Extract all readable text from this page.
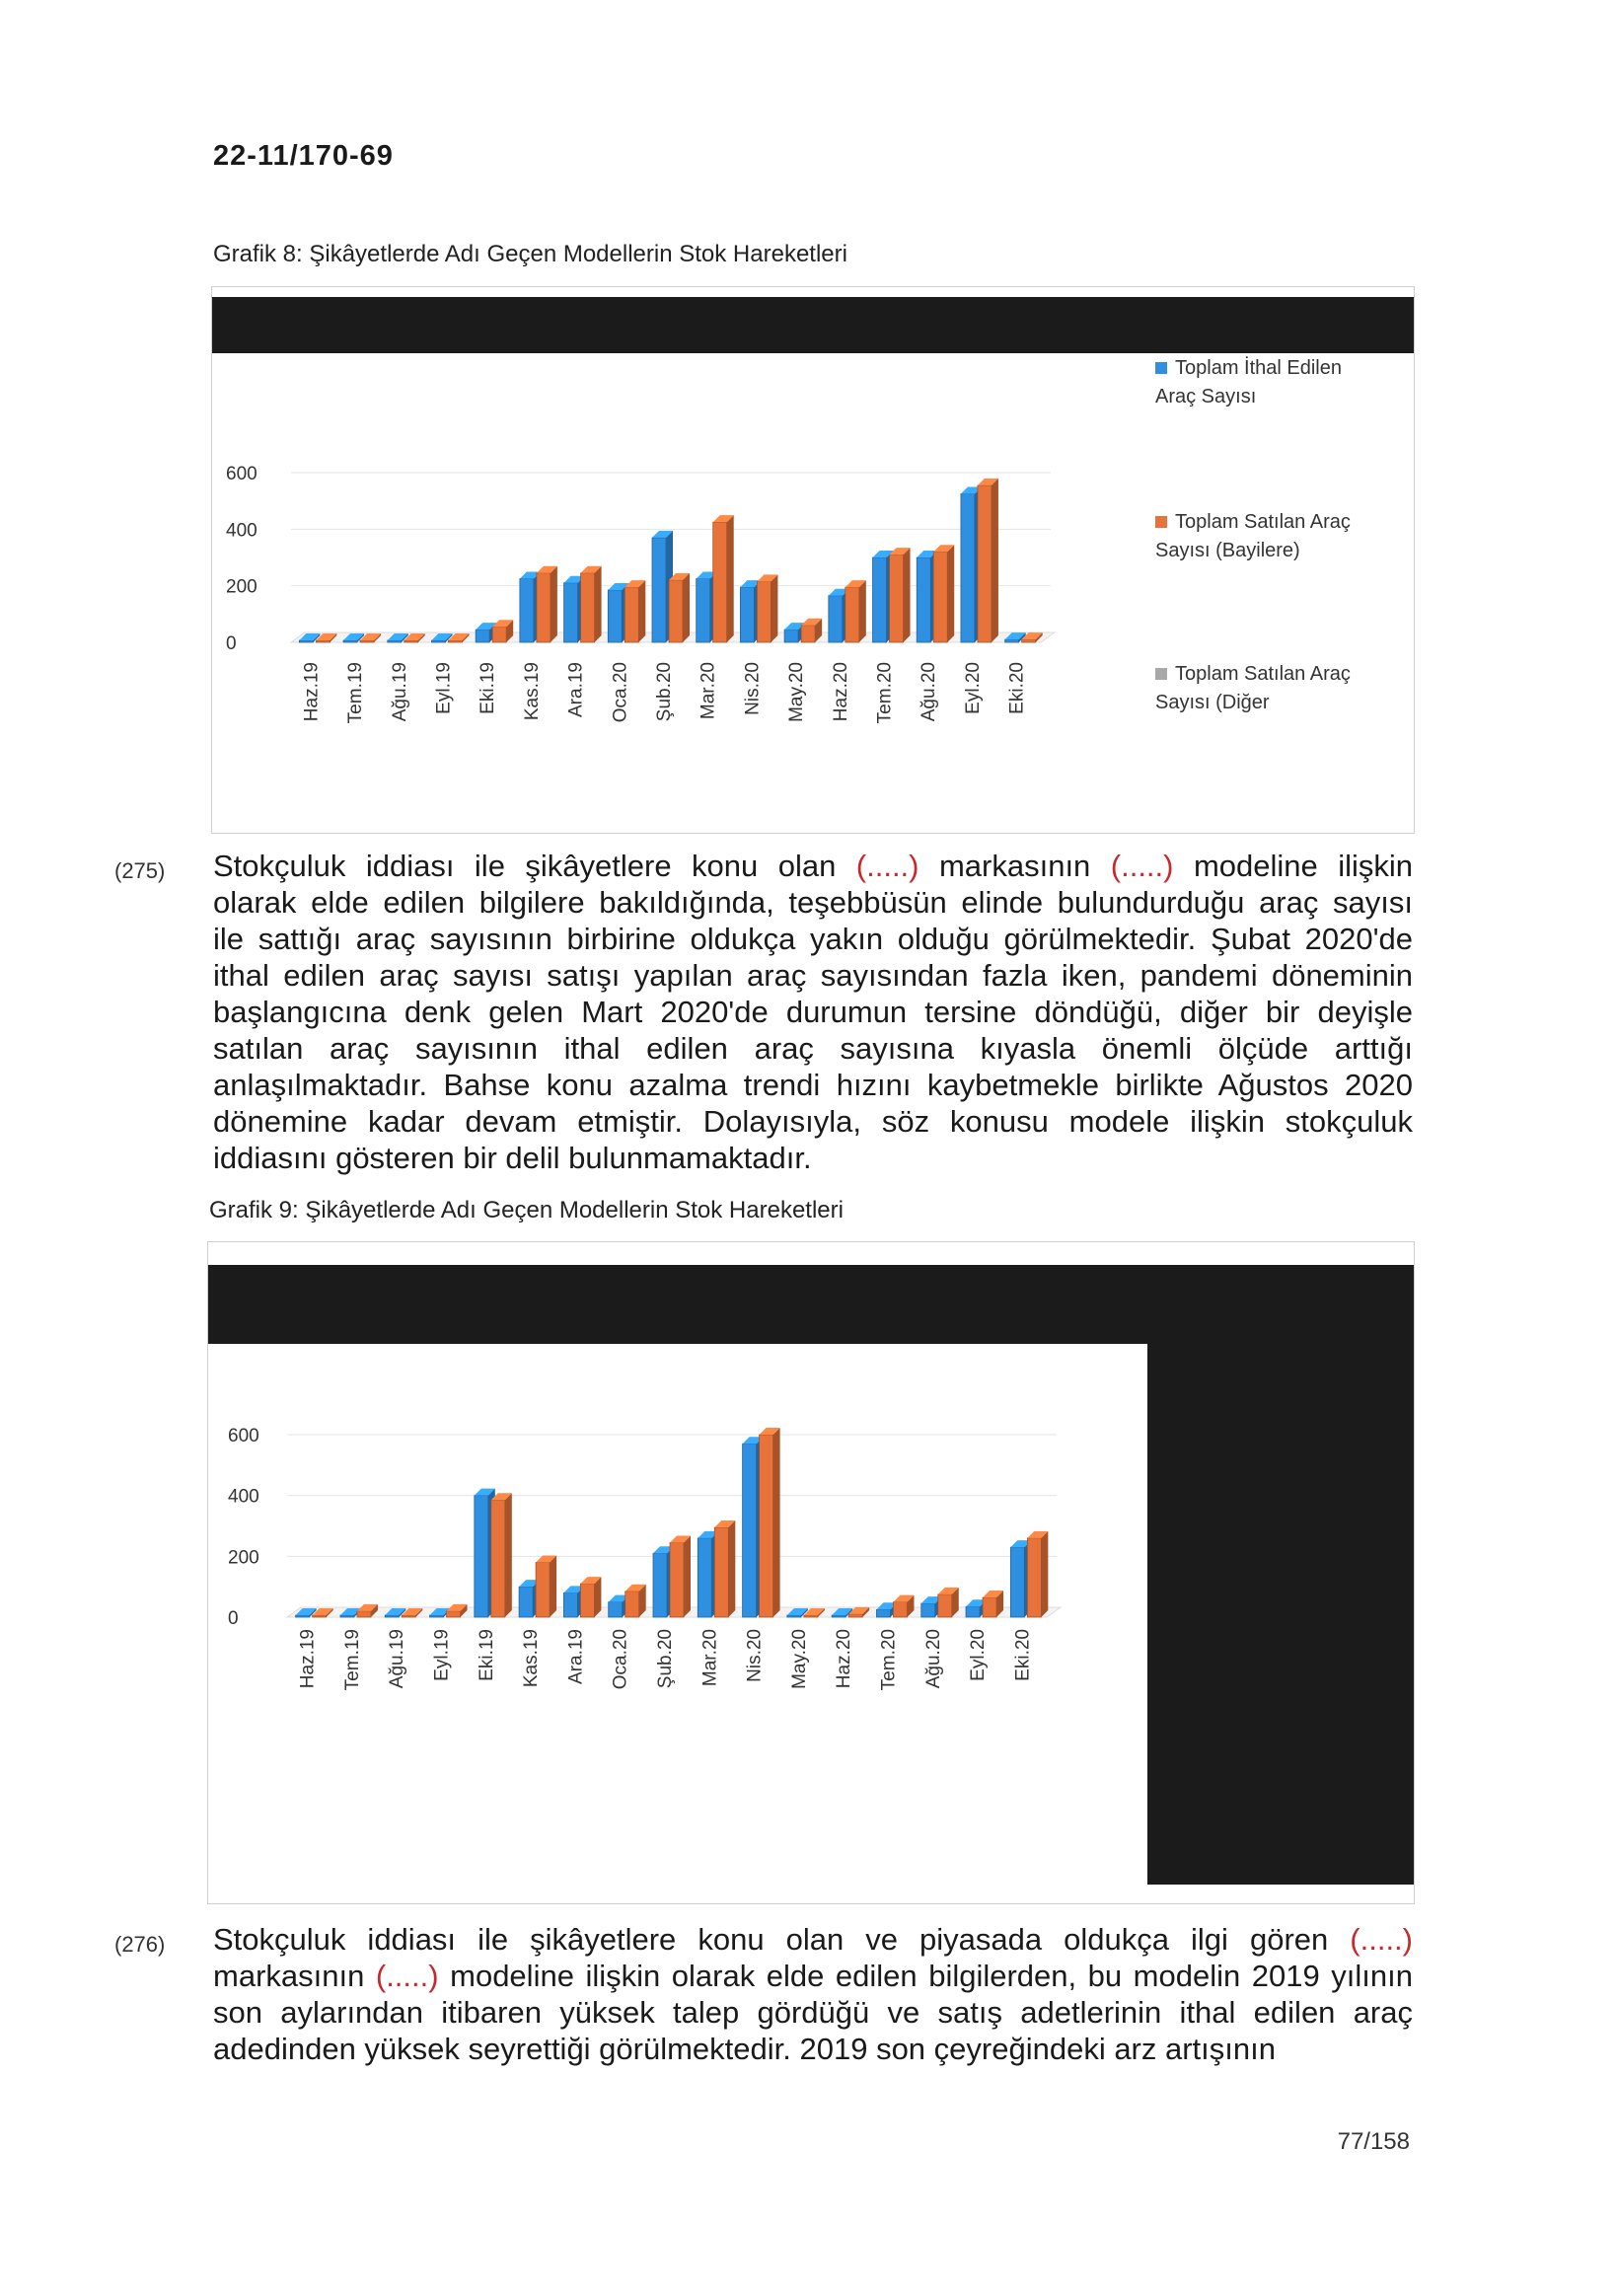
22-11/170-69
Grafik 8: Şikâyetlerde Adı Geçen Modellerin Stok Hareketleri
0
200
400
600
Haz.19 Tem.19 Ağu.19 Eyl.19 Eki.19 Kas.19 Ara.19 Oca.20 Şub.20 Mar.20 Nis.20 May.20 Haz.20 Tem.20 Ağu.20 Eyl.20 Eki.20
Toplam İthal Edilen
Araç Sayısı
Toplam Satılan Araç
Sayısı (Bayilere)
Toplam Satılan Araç
Sayısı (Diğer
(275) Stokçuluk iddiası ile şikâyetlere konu olan (.....) markasının (.....) modeline ilişkin
olarak elde edilen bilgilere bakıldığında, teşebbüsün elinde bulundurduğu araç sayısı
ile sattığı araç sayısının birbirine oldukça yakın olduğu görülmektedir. Şubat 2020'de
ithal edilen araç sayısı satışı yapılan araç sayısından fazla iken, pandemi döneminin
başlangıcına denk gelen Mart 2020'de durumun tersine döndüğü, diğer bir deyişle
satılan araç sayısının ithal edilen araç sayısına kıyasla önemli ölçüde arttığı
anlaşılmaktadır. Bahse konu azalma trendi hızını kaybetmekle birlikte Ağustos 2020
dönemine kadar devam etmiştir. Dolayısıyla, söz konusu modele ilişkin stokçuluk
iddiasını gösteren bir delil bulunmamaktadır.
Grafik 9: Şikâyetlerde Adı Geçen Modellerin Stok Hareketleri
0
200
400
600
Haz.19 Tem.19 Ağu.19 Eyl.19 Eki.19 Kas.19 Ara.19 Oca.20 Şub.20 Mar.20 Nis.20 May.20 Haz.20 Tem.20 Ağu.20 Eyl.20 Eki.20
(276) Stokçuluk iddiası ile şikâyetlere konu olan ve piyasada oldukça ilgi gören (.....)
markasının (.....) modeline ilişkin olarak elde edilen bilgilerden, bu modelin 2019 yılının
son aylarından itibaren yüksek talep gördüğü ve satış adetlerinin ithal edilen araç
adedinden yüksek seyrettiği görülmektedir. 2019 son çeyreğindeki arz artışının
77/158
